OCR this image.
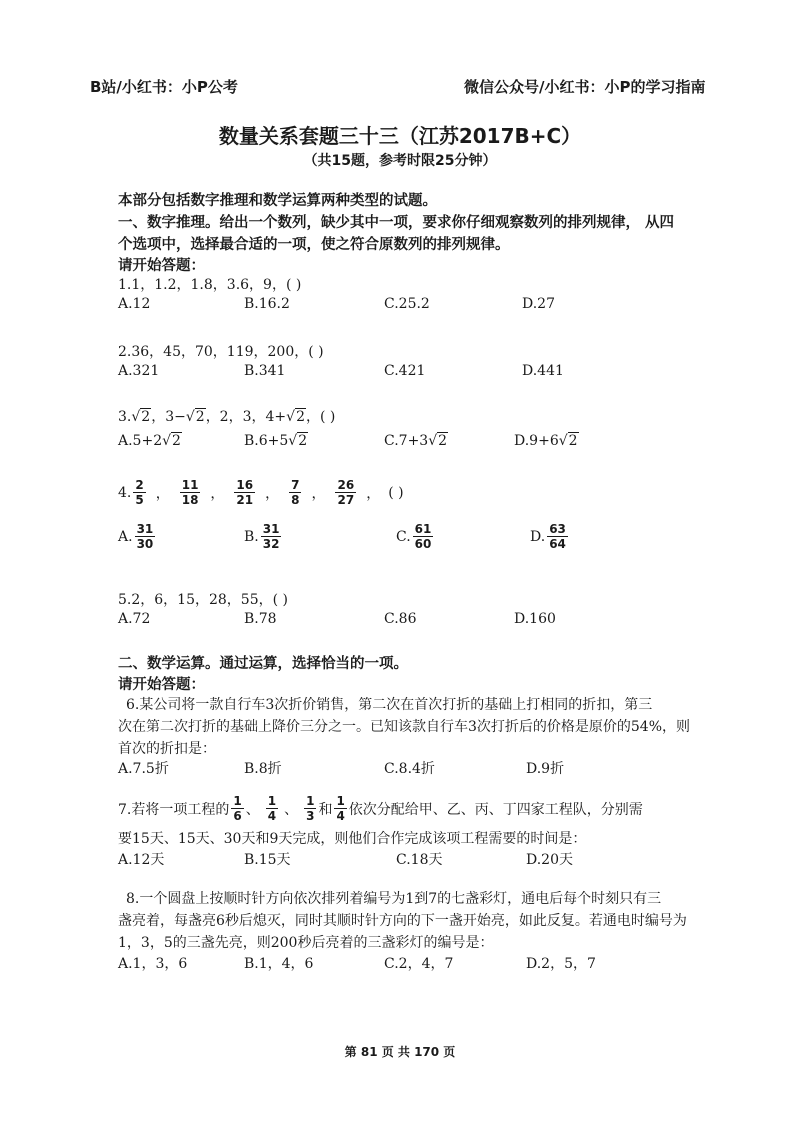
B站/小红书：小P公考	微信公众号/小红书：小P的学习指南
数量关系套题三十三（江苏2017B+C）
（共15题，参考时限25分钟）
本部分包括数字推理和数学运算两种类型的试题。
一、数字推理。给出一个数列，缺少其中一项，要求你仔细观察数列的排列规律， 从四
个选项中，选择最合适的一项，使之符合原数列的排列规律。
请开始答题：
1.1，1.2，1.8，3.6，9，( )
A.12	B.16.2	C.25.2	D.27
2.36，45，70，119，200，( )
A.321	B.341	C.421	D.441
3.√2，3−√2，2，3，4+√2，( )
A.5+2√2	B.6+5√2	C.7+3√2	D.9+6√2
4. $\frac{2}{5}$ ， $\frac{11}{18}$ ， $\frac{16}{21}$ ， $\frac{7}{8}$ ， $\frac{26}{27}$ ， ( )
A. $\frac{31}{30}$	B. $\frac{31}{32}$	C. $\frac{61}{60}$	D. $\frac{63}{64}$
5.2，6，15，28，55，( )
A.72	B.78	C.86	D.160
二、数学运算。通过运算，选择恰当的一项。
请开始答题：
6.某公司将一款自行车3次折价销售，第二次在首次打折的基础上打相同的折扣，第三
次在第二次打折的基础上降价三分之一。已知该款自行车3次打折后的价格是原价的54%，则
首次的折扣是：
A.7.5折	B.8折	C.8.4折	D.9折
7.若将一项工程的 $\frac{1}{6}$ 、 $\frac{1}{4}$ 、 $\frac{1}{3}$ 和 $\frac{1}{4}$ 依次分配给甲、乙、丙、丁四家工程队，分别需
要15天、15天、30天和9天完成，则他们合作完成该项工程需要的时间是：
A.12天	B.15天	C.18天	D.20天
8.一个圆盘上按顺时针方向依次排列着编号为1到7的七盏彩灯，通电后每个时刻只有三
盏亮着，每盏亮6秒后熄灭，同时其顺时针方向的下一盏开始亮，如此反复。若通电时编号为
1，3，5的三盏先亮，则200秒后亮着的三盏彩灯的编号是：
A.1，3，6	B.1，4，6	C.2，4，7	D.2，5，7
第 81 页 共 170 页
